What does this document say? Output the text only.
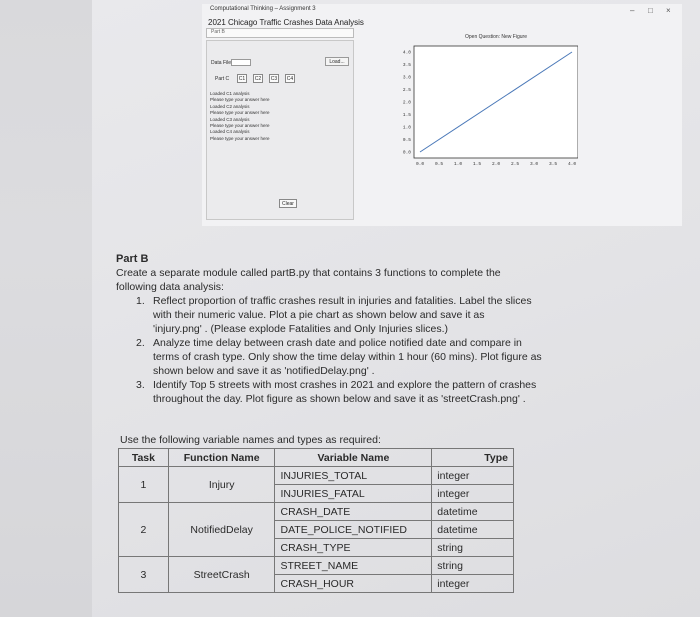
Computational Thinking – Assignment 3	– □ ×
2021 Chicago Traffic Crashes Data Analysis
Part B
Data File	Load...
Part C	C1	C2	C3	C4
Loaded C1 analysis
Please type your answer here
Loaded C2 analysis
Please type your answer here
Loaded C3 analysis
Please type your answer here
Loaded C4 analysis
Please type your answer here
Clear
Open Question: New Figure
4.0
3.5
3.0
2.5
2.0
1.5
1.0
0.5
0.0
0.0 0.5 1.0 1.5 2.0 2.5 3.0 3.5 4.0
Part B
Create a separate module called partB.py that contains 3 functions to complete the
following data analysis:
1. Reflect proportion of traffic crashes result in injuries and fatalities. Label the slices
with their numeric value. Plot a pie chart as shown below and save it as
'injury.png' . (Please explode Fatalities and Only Injuries slices.)
2. Analyze time delay between crash date and police notified date and compare in
terms of crash type. Only show the time delay within 1 hour (60 mins). Plot figure as
shown below and save it as 'notifiedDelay.png' .
3. Identify Top 5 streets with most crashes in 2021 and explore the pattern of crashes
throughout the day. Plot figure as shown below and save it as 'streetCrash.png' .
Use the following variable names and types as required:
Task	Function Name	Variable Name	Type
1	Injury	INJURIES_TOTAL	integer
		INJURIES_FATAL	integer
2	NotifiedDelay	CRASH_DATE	datetime
		DATE_POLICE_NOTIFIED	datetime
		CRASH_TYPE	string
3	StreetCrash	STREET_NAME	string
		CRASH_HOUR	integer
